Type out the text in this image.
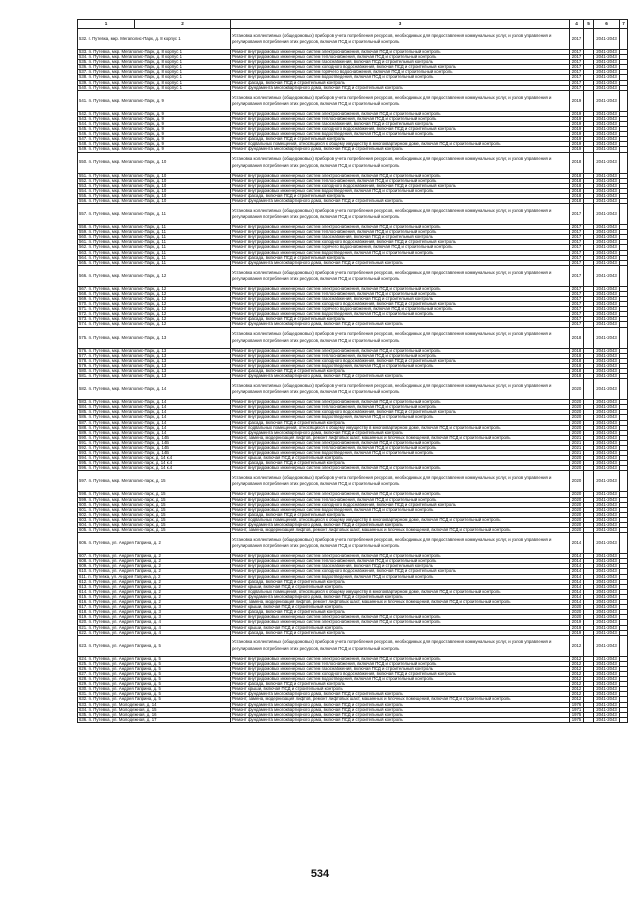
1	2	3	4	5	6	7
532. г. Путевка, мкр. Мегаполис-Парк, д. 8 корпус 1		Установка коллективных (общедомовых) приборов учета потребления ресурсов, необходимых для предоставления коммунальных услуг, и узлов управления и регулирования потребления этих ресурсов, включая ПСД и строительный контроль	2017		2041-2043	
533. п. Путевка, мкр. Мегаполис-Парк, д. 8 корпус 1		Ремонт внутридомовых инженерных систем электроснабжения, включая ПСД и строительный контроль	2017		2041-2043	
534. п. Путевка, мкр. Мегаполис-Парк, д. 8 корпус 1		Ремонт внутридомовых инженерных систем теплоснабжения, включая ПСД и строительный контроль	2017		2041-2043	
535. п. Путевка, мкр. Мегаполис-Парк, д. 8 корпус 1		Ремонт внутридомовых инженерных систем газоснабжения, включая ПСД и строительный контроль	2017		2041-2043	
536. п. Путевка, мкр. Мегаполис-Парк, д. 8 корпус 1		Ремонт внутридомовых инженерных систем холодного водоснабжения, включая ПСД и строительный контроль	2017		2041-2043	
537. п. Путевка, мкр. Мегаполис-Парк, д. 8 корпус 1		Ремонт внутридомовых инженерных систем горячего водоснабжения, включая ПСД и строительный контроль	2017		2041-2043	
538. п. Путевка, мкр. Мегаполис-Парк, д. 8 корпус 1		Ремонт внутридомовых инженерных систем водоотведения, включая ПСД и строительный контроль	2017		2041-2043	
539. п. Путевка, мкр. Мегаполис-Парк, д. 8 корпус 1		Ремонт фасада, включая ПСД и строительный контроль	2017		2041-2043	
540. п. Путевка, мкр. Мегаполис-Парк, д. 8 корпус 1		Ремонт фундамента многоквартирного дома, включая ПСД и строительный контроль	2017		2041-2043	
541. п. Путевка, мкр. Мегаполис-Парк, д. 9		Установка коллективных (общедомовых) приборов учета потребления ресурсов, необходимых для предоставления коммунальных услуг, и узлов управления и регулирования потребления этих ресурсов, включая ПСД и строительный контроль	2019		2041-2043	
542. п. Путевка, мкр. Мегаполис-Парк, д. 9		Ремонт внутридомовых инженерных систем электроснабжения, включая ПСД и строительный контроль	2019		2041-2043	
543. п. Путевка, мкр. Мегаполис-Парк, д. 9		Ремонт внутридомовых инженерных систем теплоснабжения, включая ПСД и строительный контроль	2019		2041-2043	
544. п. Путевка, мкр. Мегаполис-Парк, д. 9		Ремонт внутридомовых инженерных систем газоснабжения, включая ПСД и строительный контроль	2019		2041-2043	
545. п. Путевка, мкр. Мегаполис-Парк, д. 9		Ремонт внутридомовых инженерных систем холодного водоснабжения, включая ПСД и строительный контроль	2019		2041-2043	
546. п. Путевка, мкр. Мегаполис-Парк, д. 9		Ремонт внутридомовых инженерных систем водоотведения, включая ПСД и строительный контроль	2019		2041-2043	
547. п. Путевка, мкр. Мегаполис-Парк, д. 9		Ремонт фасада, включая ПСД и строительный контроль	2019		2041-2043	
548. п. Путевка, мкр. Мегаполис-Парк, д. 9		Ремонт подвальных помещений, относящихся к общему имуществу в многоквартирном доме, включая ПСД и строительный контроль	2019		2041-2043	
549. п. Путевка, мкр. Мегаполис-Парк, д. 9		Ремонт фундамента многоквартирного дома, включая ПСД и строительный контроль	2019		2041-2043	
550. п. Путевка, мкр. Мегаполис-Парк, д. 10		Установка коллективных (общедомовых) приборов учета потребления ресурсов, необходимых для предоставления коммунальных услуг, и узлов управления и регулирования потребления этих ресурсов, включая ПСД и строительный контроль	2018		2041-2043	
551. п. Путевка, мкр. Мегаполис-Парк, д. 10		Ремонт внутридомовых инженерных систем электроснабжения, включая ПСД и строительный контроль	2018		2041-2043	
552. п. Путевка, мкр. Мегаполис-Парк, д. 10		Ремонт внутридомовых инженерных систем теплоснабжения, включая ПСД и строительный контроль	2018		2041-2043	
553. п. Путевка, мкр. Мегаполис-Парк, д. 10		Ремонт внутридомовых инженерных систем холодного водоснабжения, включая ПСД и строительный контроль	2018		2041-2043	
554. п. Путевка, мкр. Мегаполис-Парк, д. 10		Ремонт внутридомовых инженерных систем водоотведения, включая ПСД и строительный контроль	2018		2041-2043	
555. п. Путевка, мкр. Мегаполис-Парк, д. 10		Ремонт фасада, включая ПСД и строительный контроль	2018		2041-2043	
556. п. Путевка, мкр. Мегаполис-Парк, д. 10		Ремонт фундамента многоквартирного дома, включая ПСД и строительный контроль	2018		2041-2043	
557. п. Путевка, мкр. Мегаполис-Парк, д. 11		Установка коллективных (общедомовых) приборов учета потребления ресурсов, необходимых для предоставления коммунальных услуг, и узлов управления и регулирования потребления этих ресурсов, включая ПСД и строительный контроль	2017		2041-2043	
558. п. Путевка, мкр. Мегаполис-Парк, д. 11		Ремонт внутридомовых инженерных систем электроснабжения, включая ПСД и строительный контроль	2017		2041-2043	
559. п. Путевка, мкр. Мегаполис-Парк, д. 11		Ремонт внутридомовых инженерных систем теплоснабжения, включая ПСД и строительный контроль	2017		2041-2043	
560. п. Путевка, мкр. Мегаполис-Парк, д. 11		Ремонт внутридомовых инженерных систем газоснабжения, включая ПСД и строительный контроль	2017		2041-2043	
561. п. Путевка, мкр. Мегаполис-Парк, д. 11		Ремонт внутридомовых инженерных систем холодного водоснабжения, включая ПСД и строительный контроль	2017		2041-2043	
562. п. Путевка, мкр. Мегаполис-Парк, д. 11		Ремонт внутридомовых инженерных систем горячего водоснабжения, включая ПСД и строительный контроль	2017		2041-2043	
563. п. Путевка, мкр. Мегаполис-Парк, д. 11		Ремонт внутридомовых инженерных систем водоотведения, включая ПСД и строительный контроль	2017		2041-2043	
564. п. Путевка, мкр. Мегаполис-Парк, д. 11		Ремонт фасада, включая ПСД и строительный контроль	2017		2041-2043	
565. п. Путевка, мкр. Мегаполис-Парк, д. 11		Ремонт фундамента многоквартирного дома, включая ПСД и строительный контроль	2017		2041-2043	
566. п. Путевка, мкр. Мегаполис-Парк, д. 12		Установка коллективных (общедомовых) приборов учета потребления ресурсов, необходимых для предоставления коммунальных услуг, и узлов управления и регулирования потребления этих ресурсов, включая ПСД и строительный контроль	2017		2041-2043	
567. п. Путевка, мкр. Мегаполис-Парк, д. 12		Ремонт внутридомовых инженерных систем электроснабжения, включая ПСД и строительный контроль	2017		2041-2043	
568. п. Путевка, мкр. Мегаполис-Парк, д. 12		Ремонт внутридомовых инженерных систем теплоснабжения, включая ПСД и строительный контроль	2017		2041-2043	
569. п. Путевка, мкр. Мегаполис-Парк, д. 12		Ремонт внутридомовых инженерных систем газоснабжения, включая ПСД и строительный контроль	2017		2041-2043	
570. п. Путевка, мкр. Мегаполис-Парк, д. 12		Ремонт внутридомовых инженерных систем холодного водоснабжения, включая ПСД и строительный контроль	2017		2041-2043	
571. п. Путевка, мкр. Мегаполис-Парк, д. 12		Ремонт внутридомовых инженерных систем горячего водоснабжения, включая ПСД и строительный контроль	2017		2041-2043	
572. п. Путевка, мкр. Мегаполис-Парк, д. 12		Ремонт внутридомовых инженерных систем водоотведения, включая ПСД и строительный контроль	2017		2041-2043	
573. п. Путевка, мкр. Мегаполис-Парк, д. 12		Ремонт фасада, включая ПСД и строительный контроль	2017		2041-2043	
574. п. Путевка, мкр. Мегаполис-Парк, д. 12		Ремонт фундамента многоквартирного дома, включая ПСД и строительный контроль	2017		2041-2043	
575. п. Путевка, мкр. Мегаполис-Парк, д. 13		Установка коллективных (общедомовых) приборов учета потребления ресурсов, необходимых для предоставления коммунальных услуг, и узлов управления и регулирования потребления этих ресурсов, включая ПСД и строительный контроль	2018		2041-2043	
576. п. Путевка, мкр. Мегаполис-Парк, д. 13		Ремонт внутридомовых инженерных систем электроснабжения, включая ПСД и строительный контроль	2018		2041-2043	
577. п. Путевка, мкр. Мегаполис-Парк, д. 13		Ремонт внутридомовых инженерных систем теплоснабжения, включая ПСД и строительный контроль	2018		2041-2043	
578. п. Путевка, мкр. Мегаполис-Парк, д. 13		Ремонт внутридомовых инженерных систем холодного водоснабжения, включая ПСД и строительный контроль	2018		2041-2043	
579. п. Путевка, мкр. Мегаполис-Парк, д. 13		Ремонт внутридомовых инженерных систем водоотведения, включая ПСД и строительный контроль	2018		2041-2043	
580. п. Путевка, мкр. Мегаполис-Парк, д. 13		Ремонт фасада, включая ПСД и строительный контроль	2018		2041-2043	
581. п. Путевка, мкр. Мегаполис-Парк, д. 13		Ремонт фундамента многоквартирного дома, включая ПСД и строительный контроль	2018		2041-2043	
582. п. Путевка, мкр. Мегаполис-Парк, д. 14		Установка коллективных (общедомовых) приборов учета потребления ресурсов, необходимых для предоставления коммунальных услуг, и узлов управления и регулирования потребления этих ресурсов, включая ПСД и строительный контроль	2020		2041-2043	
583. п. Путевка, мкр. Мегаполис-Парк, д. 14		Ремонт внутридомовых инженерных систем электроснабжения, включая ПСД и строительный контроль	2020		2041-2043	
584. п. Путевка, мкр. Мегаполис-Парк, д. 14		Ремонт внутридомовых инженерных систем теплоснабжения, включая ПСД и строительный контроль	2020		2041-2043	
585. п. Путевка, мкр. Мегаполис-Парк, д. 14		Ремонт внутридомовых инженерных систем холодного водоснабжения, включая ПСД и строительный контроль	2020		2041-2043	
586. п. Путевка, мкр. Мегаполис-Парк, д. 14		Ремонт внутридомовых инженерных систем водоотведения, включая ПСД и строительный контроль	2020		2041-2043	
587. п. Путевка, мкр. Мегаполис-Парк, д. 14		Ремонт фасада, включая ПСД и строительный контроль	2020		2041-2043	
588. п. Путевка, мкр. Мегаполис-Парк, д. 14		Ремонт подвальных помещений, относящихся к общему имуществу в многоквартирном доме, включая ПСД и строительный контроль	2020		2041-2043	
589. п. Путевка, мкр. Мегаполис-Парк, д. 14		Ремонт фундамента многоквартирного дома, включая ПСД и строительный контроль	2020		2041-2043	
590. п. Путевка, мкр. Мегаполис-Парк, д. 14Б		Ремонт, замена, модернизация лифтов, ремонт лифтовых шахт, машинных и блочных помещений, включая ПСД и строительный контроль	2021		2041-2043	
591. п. Путевка, мкр. Мегаполис-Парк, д. 14Б		Ремонт внутридомовых инженерных систем электроснабжения, включая ПСД и строительный контроль	2021		2041-2043	
592. п. Путевка, мкр. Мегаполис-Парк, д. 14Б		Ремонт внутридомовых инженерных систем теплоснабжения, включая ПСД и строительный контроль	2021		2041-2043	
593. п. Путевка, мкр. Мегаполис-Парк, д. 14Б		Ремонт внутридомовых инженерных систем водоотведения, включая ПСД и строительный контроль	2021		2041-2043	
594. п. Путевка, мкр. Мегаполис-парк, д. 14 к.4		Ремонт крыши, включая ПСД и строительный контроль	2020		2041-2043	
595. п. Путевка, мкр. Мегаполис-парк, д. 14 к.4		Ремонт фасада, включая ПСД и строительный контроль	2020		2041-2043	
596. п. Путевка, мкр. Мегаполис-парк, д. 14 к.4		Ремонт внутридомовых инженерных систем электроснабжения, включая ПСД и строительный контроль	2020		2041-2043	
597. п. Путевка, мкр. Мегаполис-парк, д. 15		Установка коллективных (общедомовых) приборов учета потребления ресурсов, необходимых для предоставления коммунальных услуг, и узлов управления и регулирования потребления этих ресурсов, включая ПСД и строительный контроль	2020		2041-2043	
598. п. Путевка, мкр. Мегаполис-парк, д. 15		Ремонт внутридомовых инженерных систем электроснабжения, включая ПСД и строительный контроль	2020		2041-2043	
599. п. Путевка, мкр. Мегаполис-парк, д. 15		Ремонт внутридомовых инженерных систем теплоснабжения, включая ПСД и строительный контроль	2020		2041-2043	
600. п. Путевка, мкр. Мегаполис-парк, д. 15		Ремонт внутридомовых инженерных систем холодного водоснабжения, включая ПСД и строительный контроль	2020		2041-2043	
601. п. Путевка, мкр. Мегаполис-парк, д. 15		Ремонт внутридомовых инженерных систем водоотведения, включая ПСД и строительный контроль	2020		2041-2043	
602. п. Путевка, мкр. Мегаполис-парк, д. 15		Ремонт фасада, включая ПСД и строительный контроль	2020		2041-2043	
603. п. Путевка, мкр. Мегаполис-парк, д. 15		Ремонт подвальных помещений, относящихся к общему имуществу в многоквартирном доме, включая ПСД и строительный контроль	2020		2041-2043	
604. п. Путевка, мкр. Мегаполис-парк, д. 15		Ремонт фундамента многоквартирного дома, включая ПСД и строительный контроль	2020		2041-2043	
605. п. Путевка, мкр. Мегаполис-парк, д. 15		Ремонт, замена, модернизация лифтов, ремонт лифтовых шахт, машинных и блочных помещений, включая ПСД и строительный контроль	2020		2041-2043	
606. п. Путевка, ул. Андрея Гаприна, д. 2		Установка коллективных (общедомовых) приборов учета потребления ресурсов, необходимых для предоставления коммунальных услуг, и узлов управления и регулирования потребления этих ресурсов, включая ПСД и строительный контроль	2014		2041-2043	
607. п. Путевка, ул. Андрея Гаприна, д. 2		Ремонт внутридомовых инженерных систем электроснабжения, включая ПСД и строительный контроль	2014		2041-2043	
608. п. Путевка, ул. Андрея Гаприна, д. 2		Ремонт внутридомовых инженерных систем теплоснабжения, включая ПСД и строительный контроль	2014		2041-2043	
609. п. Путевка, ул. Андрея Гаприна, д. 2		Ремонт внутридомовых инженерных систем газоснабжения, включая ПСД и строительный контроль	2014		2041-2043	
610. п. Путевка, ул. Андрея Гаприна, д. 2		Ремонт внутридомовых инженерных систем холодного водоснабжения, включая ПСД и строительный контроль	2014		2041-2043	
611. п. Путевка, ул. Андрея Гаприна, д. 2		Ремонт внутридомовых инженерных систем водоотведения, включая ПСД и строительный контроль	2014		2041-2043	
612. п. Путевка, ул. Андрея Гаприна, д. 2		Ремонт фасада, включая ПСД и строительный контроль	2014		2041-2043	
613. п. Путевка, ул. Андрея Гаприна, д. 2		Ремонт крыши, включая ПСД и строительный контроль	2014		2041-2043	
614. п. Путевка, ул. Андрея Гаприна, д. 2		Ремонт подвальных помещений, относящихся к общему имуществу в многоквартирном доме, включая ПСД и строительный контроль	2014		2041-2043	
615. п. Путевка, ул. Андрея Гаприна, д. 2		Ремонт фундамента многоквартирного дома, включая ПСД и строительный контроль	2014		2041-2043	
616. п. Путевка, ул. Андрея Гаприна, д. 2		Ремонт, замена, модернизация лифтов, ремонт лифтовых шахт, машинных и блочных помещений, включая ПСД и строительный контроль	2014		2041-2043	
617. п. Путевка, ул. Андрея Гаприна, д. 3		Ремонт крыши, включая ПСД и строительный контроль	2020		2041-2043	
618. п. Путевка, ул. Андрея Гаприна, д. 3		Ремонт фасада, включая ПСД и строительный контроль	2020		2041-2043	
619. п. Путевка, ул. Андрея Гаприна, д. 3		Ремонт внутридомовых инженерных систем электроснабжения, включая ПСД и строительный контроль	2020		2041-2043	
620. п. Путевка, ул. Андрея Гаприна, д. 4		Ремонт внутридомовых инженерных систем электроснабжения, включая ПСД и строительный контроль	2019		2041-2043	
621. п. Путевка, ул. Андрея Гаприна, д. 4		Ремонт крыши, включая ПСД и строительный контроль	2019		2041-2043	
622. п. Путевка, ул. Андрея Гаприна, д. 4		Ремонт фасада, включая ПСД и строительный контроль	2019		2041-2043	
623. п. Путевка, ул. Андрея Гаприна, д. 5		Установка коллективных (общедомовых) приборов учета потребления ресурсов, необходимых для предоставления коммунальных услуг, и узлов управления и регулирования потребления этих ресурсов, включая ПСД и строительный контроль	2012		2041-2043	
624. п. Путевка, ул. Андрея Гаприна, д. 5		Ремонт внутридомовых инженерных систем электроснабжения, включая ПСД и строительный контроль	2012		2041-2043	
625. п. Путевка, ул. Андрея Гаприна, д. 5		Ремонт внутридомовых инженерных систем теплоснабжения, включая ПСД и строительный контроль	2012		2041-2043	
626. п. Путевка, ул. Андрея Гаприна, д. 5		Ремонт внутридомовых инженерных систем газоснабжения, включая ПСД и строительный контроль	2012		2041-2043	
627. п. Путевка, ул. Андрея Гаприна, д. 5		Ремонт внутридомовых инженерных систем холодного водоснабжения, включая ПСД и строительный контроль	2012		2041-2043	
628. п. Путевка, ул. Андрея Гаприна, д. 5		Ремонт внутридомовых инженерных систем водоотведения, включая ПСД и строительный контроль	2012		2041-2043	
629. п. Путевка, ул. Андрея Гаприна, д. 5		Ремонт фасада, включая ПСД и строительный контроль	2012		2041-2043	
630. п. Путевка, ул. Андрея Гаприна, д. 5		Ремонт крыши, включая ПСД и строительный контроль	2012		2041-2043	
631. п. Путевка, ул. Андрея Гаприна, д. 5		Ремонт фундамента многоквартирного дома, включая ПСД и строительный контроль	2012		2041-2043	
632. п. Путевка, ул. Андрея Гаприна, д. 5		Ремонт, замена, модернизация лифтов, ремонт лифтовых шахт, машинных и блочных помещений, включая ПСД и строительный контроль	2012		2041-2043	
633. п. Путевка, ул. Молодежная, д. 14		Ремонт фундамента многоквартирного дома, включая ПСД и строительный контроль	1976		2041-2043	
634. п. Путевка, ул. Молодежная, д. 15		Ремонт фундамента многоквартирного дома, включая ПСД и строительный контроль	1971		2041-2043	
635. п. Путевка, ул. Молодежная, д. 16		Ремонт фундамента многоквартирного дома, включая ПСД и строительный контроль	1975		2041-2043	
636. п. Путевка, ул. Молодежная, д. 17		Ремонт фундамента многоквартирного дома, включая ПСД и строительный контроль	1975		2041-2043	
534
